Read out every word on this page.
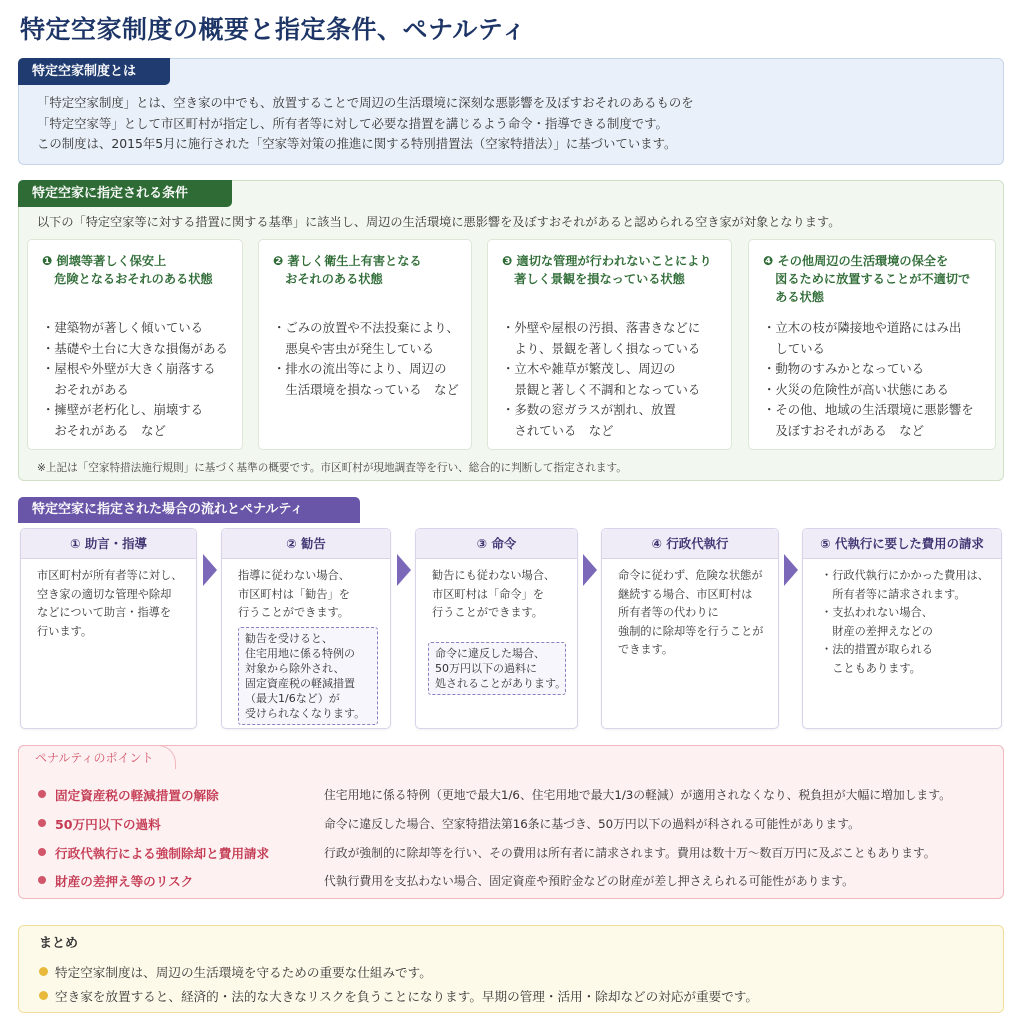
特定空家制度の概要と指定条件、ペナルティ
特定空家制度とは
「特定空家制度」とは、空き家の中でも、放置することで周辺の生活環境に深刻な悪影響を及ぼすおそれのあるものを
「特定空家等」として市区町村が指定し、所有者等に対して必要な措置を講じるよう命令・指導できる制度です。
この制度は、2015年5月に施行された「空家等対策の推進に関する特別措置法（空家特措法）」に基づいています。
特定空家に指定される条件
以下の「特定空家等に対する措置に関する基準」に該当し、周辺の生活環境に悪影響を及ぼすおそれがあると認められる空き家が対象となります。
❶ 倒壊等著しく保安上
　危険となるおそれのある状態
・建築物が著しく傾いている
・基礎や土台に大きな損傷がある
・屋根や外壁が大きく崩落する
　おそれがある
・擁壁が老朽化し、崩壊する
　おそれがある　など
❷ 著しく衛生上有害となる
　おそれのある状態
・ごみの放置や不法投棄により、
　悪臭や害虫が発生している
・排水の流出等により、周辺の
　生活環境を損なっている　など
❸ 適切な管理が行われないことにより
　著しく景観を損なっている状態
・外壁や屋根の汚損、落書きなどに
　より、景観を著しく損なっている
・立木や雑草が繁茂し、周辺の
　景観と著しく不調和となっている
・多数の窓ガラスが割れ、放置
　されている　など
❹ その他周辺の生活環境の保全を
　図るために放置することが不適切で
　ある状態
・立木の枝が隣接地や道路にはみ出
　している
・動物のすみかとなっている
・火災の危険性が高い状態にある
・その他、地域の生活環境に悪影響を
　及ぼすおそれがある　など
※上記は「空家特措法施行規則」に基づく基準の概要です。市区町村が現地調査等を行い、総合的に判断して指定されます。
特定空家に指定された場合の流れとペナルティ
① 助言・指導
市区町村が所有者等に対し、
空き家の適切な管理や除却
などについて助言・指導を
行います。
② 勧告
指導に従わない場合、
市区町村は「勧告」を
行うことができます。
勧告を受けると、
住宅用地に係る特例の
対象から除外され、
固定資産税の軽減措置
（最大1/6など）が
受けられなくなります。
③ 命令
勧告にも従わない場合、
市区町村は「命令」を
行うことができます。
命令に違反した場合、
50万円以下の過料に
処されることがあります。
④ 行政代執行
命令に従わず、危険な状態が
継続する場合、市区町村は
所有者等の代わりに
強制的に除却等を行うことが
できます。
⑤ 代執行に要した費用の請求
・行政代執行にかかった費用は、
　所有者等に請求されます。
・支払われない場合、
　財産の差押えなどの
・法的措置が取られる
　こともあります。
ペナルティのポイント
固定資産税の軽減措置の解除	住宅用地に係る特例（更地で最大1/6、住宅用地で最大1/3の軽減）が適用されなくなり、税負担が大幅に増加します。
50万円以下の過料	命令に違反した場合、空家特措法第16条に基づき、50万円以下の過料が科される可能性があります。
行政代執行による強制除却と費用請求	行政が強制的に除却等を行い、その費用は所有者に請求されます。費用は数十万〜数百万円に及ぶこともあります。
財産の差押え等のリスク	代執行費用を支払わない場合、固定資産や預貯金などの財産が差し押さえられる可能性があります。
まとめ
特定空家制度は、周辺の生活環境を守るための重要な仕組みです。
空き家を放置すると、経済的・法的な大きなリスクを負うことになります。早期の管理・活用・除却などの対応が重要です。
